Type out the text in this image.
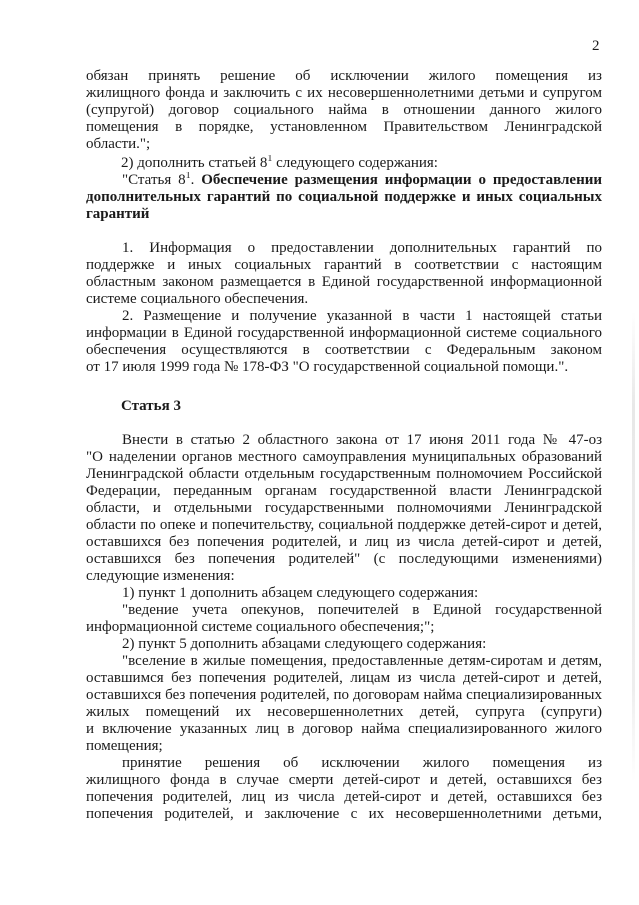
2
обязан принять решение об исключении жилого помещения из
жилищного фонда и заключить с их несовершеннолетними детьми и супругом
(супругой) договор социального найма в отношении данного жилого
помещения в порядке, установленном Правительством Ленинградской
области.";
2) дополнить статьей $8^1$ следующего содержания:
"Статья $8^1$. Обеспечение размещения информации о предоставлении
дополнительных гарантий по социальной поддержке и иных социальных
гарантий
1. Информация о предоставлении дополнительных гарантий по
поддержке и иных социальных гарантий в соответствии с настоящим
областным законом размещается в Единой государственной информационной
системе социального обеспечения.
2. Размещение и получение указанной в части 1 настоящей статьи
информации в Единой государственной информационной системе социального
обеспечения осуществляются в соответствии с Федеральным законом
от 17 июля 1999 года № 178-ФЗ "О государственной социальной помощи.".
Статья 3
Внести в статью 2 областного закона от 17 июня 2011 года № 47-оз
"О наделении органов местного самоуправления муниципальных образований
Ленинградской области отдельным государственным полномочием Российской
Федерации, переданным органам государственной власти Ленинградской
области, и отдельными государственными полномочиями Ленинградской
области по опеке и попечительству, социальной поддержке детей-сирот и детей,
оставшихся без попечения родителей, и лиц из числа детей-сирот и детей,
оставшихся без попечения родителей" (с последующими изменениями)
следующие изменения:
1) пункт 1 дополнить абзацем следующего содержания:
"ведение учета опекунов, попечителей в Единой государственной
информационной системе социального обеспечения;";
2) пункт 5 дополнить абзацами следующего содержания:
"вселение в жилые помещения, предоставленные детям-сиротам и детям,
оставшимся без попечения родителей, лицам из числа детей-сирот и детей,
оставшихся без попечения родителей, по договорам найма специализированных
жилых помещений их несовершеннолетних детей, супруга (супруги)
и включение указанных лиц в договор найма специализированного жилого
помещения;
принятие решения об исключении жилого помещения из
жилищного фонда в случае смерти детей-сирот и детей, оставшихся без
попечения родителей, лиц из числа детей-сирот и детей, оставшихся без
попечения родителей, и заключение с их несовершеннолетними детьми,
